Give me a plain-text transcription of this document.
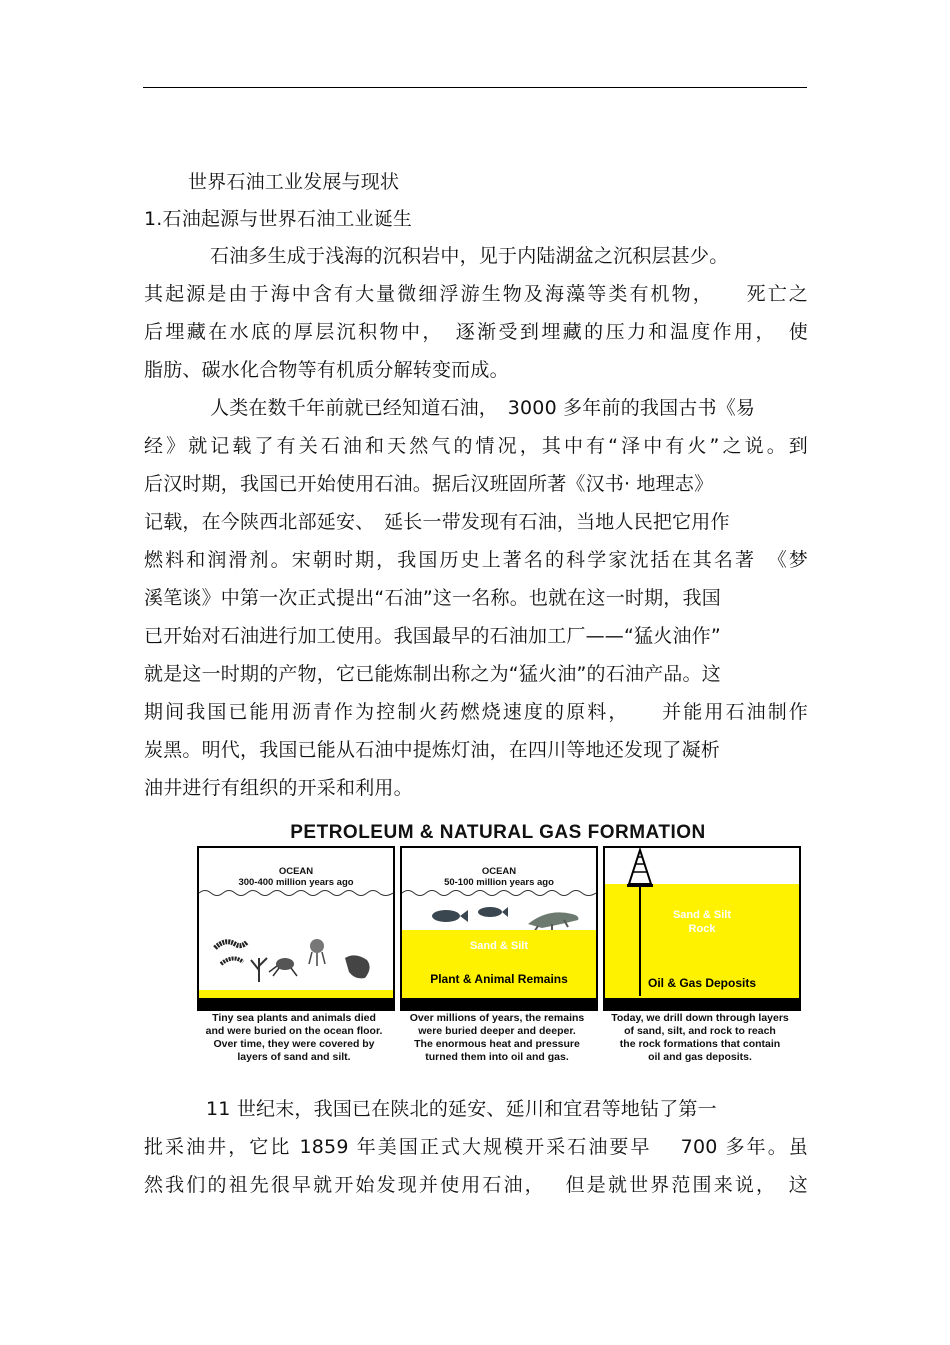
世界石油工业发展与现状
1.石油起源与世界石油工业诞生
石油多生成于浅海的沉积岩中，见于内陆湖盆之沉积层甚少。
其起源是由于海中含有大量微细浮游生物及海藻等类有机物，　　死亡之
后埋藏在水底的厚层沉积物中，　逐渐受到埋藏的压力和温度作用，　使
脂肪、碳水化合物等有机质分解转变而成。
人类在数千年前就已经知道石油，　3000 多年前的我国古书《易
经》就记载了有关石油和天然气的情况，其中有“泽中有火”之说。到
后汉时期，我国已开始使用石油。据后汉班固所著《汉书· 地理志》
记载，在今陕西北部延安、　延长一带发现有石油，当地人民把它用作
燃料和润滑剂。宋朝时期，我国历史上著名的科学家沈括在其名著　《梦
溪笔谈》中第一次正式提出“石油”这一名称。也就在这一时期，我国
已开始对石油进行加工使用。我国最早的石油加工厂——“猛火油作”
就是这一时期的产物，它已能炼制出称之为“猛火油”的石油产品。这
期间我国已能用沥青作为控制火药燃烧速度的原料，　　并能用石油制作
炭黑。明代，我国已能从石油中提炼灯油，在四川等地还发现了凝析
油井进行有组织的开采和利用。
PETROLEUM & NATURAL GAS FORMATION
OCEAN
300-400 million years ago
Tiny sea plants and animals died
and were buried on the ocean floor.
Over time, they were covered by
layers of sand and silt.
OCEAN
50-100 million years ago
Sand & Silt
Plant & Animal Remains
Over millions of years, the remains
were buried deeper and deeper.
The enormous heat and pressure
turned them into oil and gas.
Sand & Silt
Rock
Oil & Gas Deposits
Today, we drill down through layers
of sand, silt, and rock to reach
the rock formations that contain
oil and gas deposits.
11 世纪末，我国已在陕北的延安、延川和宜君等地钻了第一
批采油井，它比 1859 年美国正式大规模开采石油要早　 700 多年。虽
然我们的祖先很早就开始发现并使用石油，　 但是就世界范围来说，　这
